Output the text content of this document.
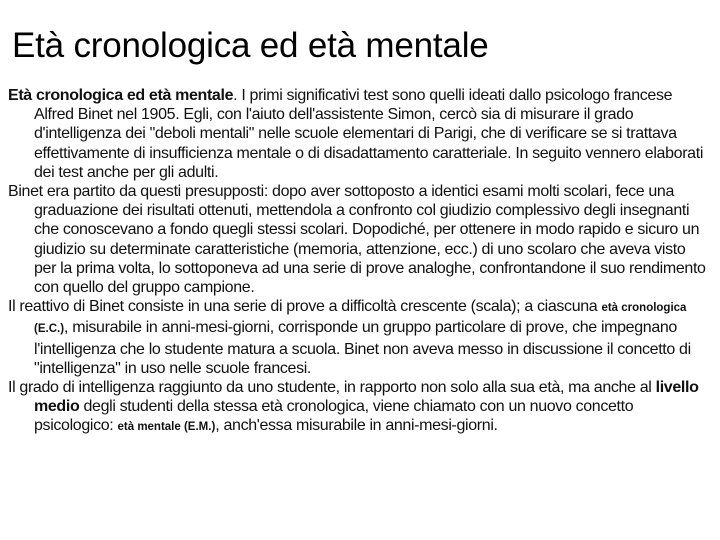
Età cronologica ed età mentale

Età cronologica ed età mentale. I primi significativi test sono quelli ideati dallo psicologo francese Alfred Binet nel 1905. Egli, con l'aiuto dell'assistente Simon, cercò sia di misurare il grado d'intelligenza dei "deboli mentali" nelle scuole elementari di Parigi, che di verificare se si trattava effettivamente di insufficienza mentale o di disadattamento caratteriale. In seguito vennero elaborati dei test anche per gli adulti.

Binet era partito da questi presupposti: dopo aver sottoposto a identici esami molti scolari, fece una graduazione dei risultati ottenuti, mettendola a confronto col giudizio complessivo degli insegnanti che conoscevano a fondo quegli stessi scolari. Dopodiché, per ottenere in modo rapido e sicuro un giudizio su determinate caratteristiche (memoria, attenzione, ecc.) di uno scolaro che aveva visto per la prima volta, lo sottoponeva ad una serie di prove analoghe, confrontandone il suo rendimento con quello del gruppo campione.

Il reattivo di Binet consiste in una serie di prove a difficoltà crescente (scala); a ciascuna età cronologica (E.C.), misurabile in anni-mesi-giorni, corrisponde un gruppo particolare di prove, che impegnano l'intelligenza che lo studente matura a scuola. Binet non aveva messo in discussione il concetto di "intelligenza" in uso nelle scuole francesi.

Il grado di intelligenza raggiunto da uno studente, in rapporto non solo alla sua età, ma anche al livello medio degli studenti della stessa età cronologica, viene chiamato con un nuovo concetto psicologico: età mentale (E.M.), anch'essa misurabile in anni-mesi-giorni.
